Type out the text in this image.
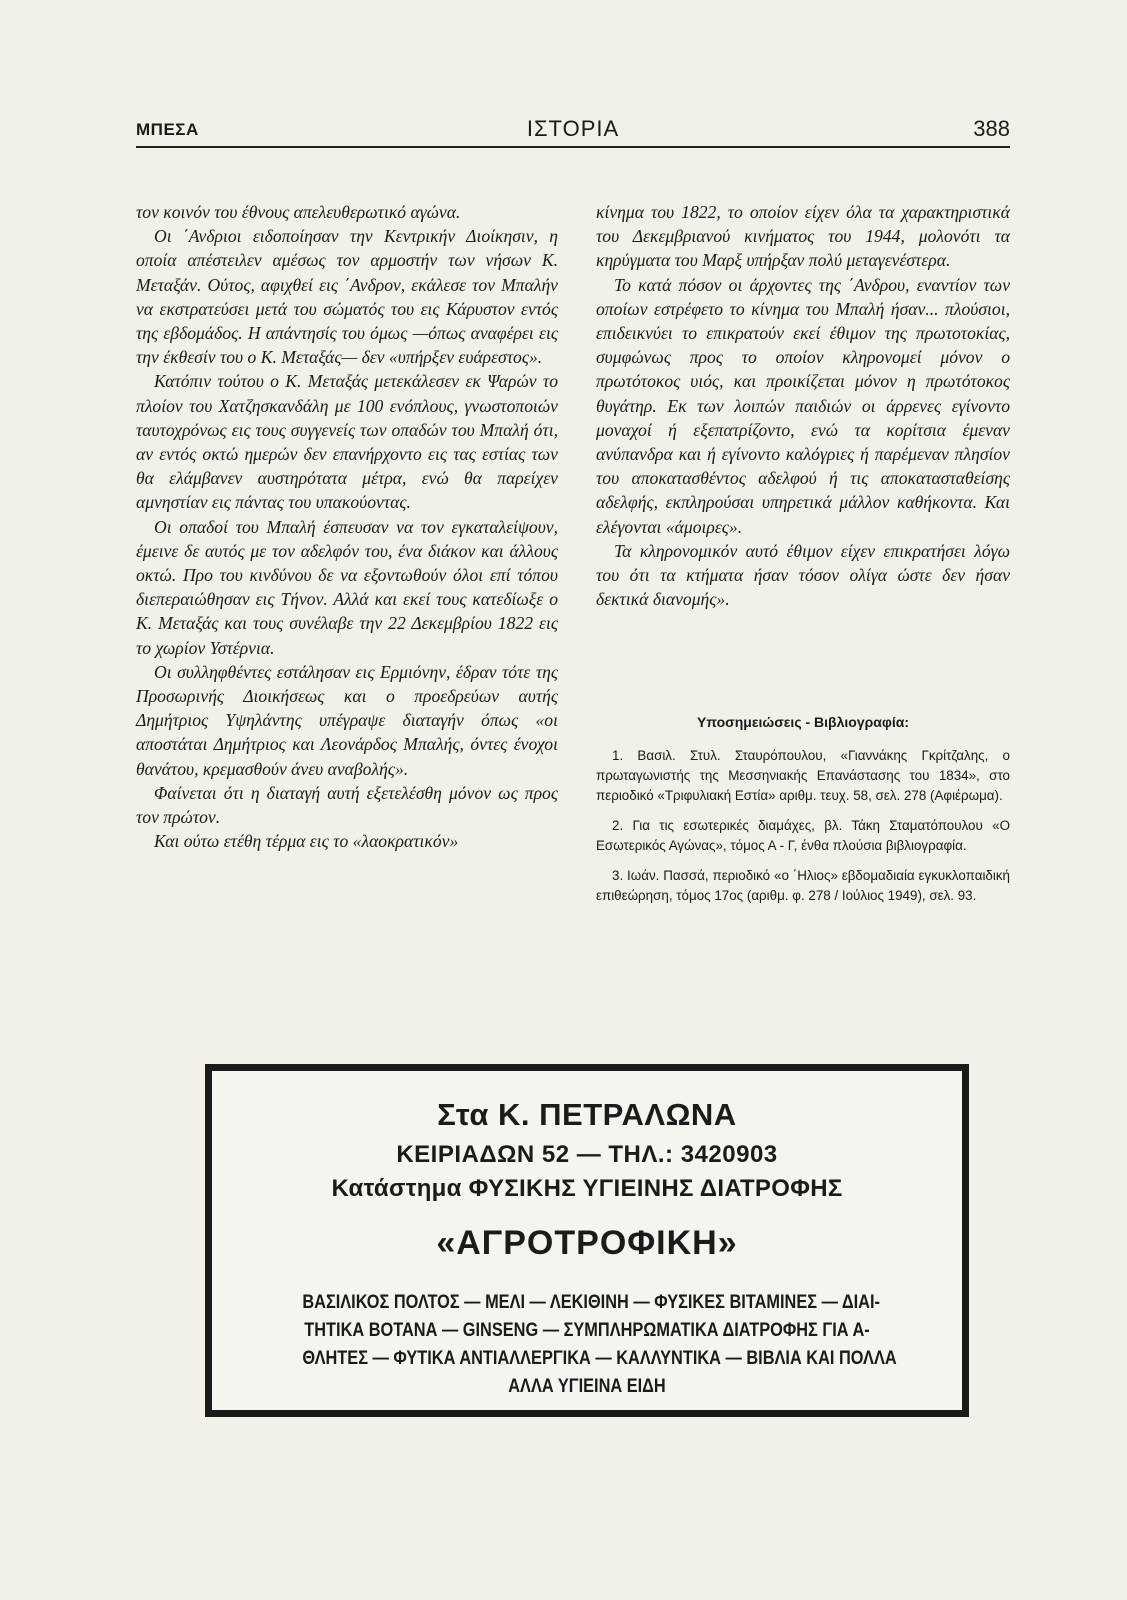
ΜΠΕΣΑ	ΙΣΤΟΡΙΑ	388

τον κοινόν του έθνους απελευθερωτικό αγώνα.

Οι ΄Ανδριοι ειδοποίησαν την Κεντρικήν Διοίκησιν, η οποία απέστειλεν αμέσως τον αρμοστήν των νήσων Κ. Μεταξάν. Ούτος, αφιχθεί εις ΄Ανδρον, εκάλεσε τον Μπαλήν να εκστρατεύσει μετά του σώματός του εις Κάρυστον εντός της εβδομάδος. Η απάντησίς του όμως —όπως αναφέρει εις την έκθεσίν του ο Κ. Μεταξάς— δεν «υπήρξεν ευάρεστος».

Κατόπιν τούτου ο Κ. Μεταξάς μετεκάλεσεν εκ Ψαρών το πλοίον του Χατζησκανδάλη με 100 ενόπλους, γνωστοποιών ταυτοχρόνως εις τους συγγενείς των οπαδών του Μπαλή ότι, αν εντός οκτώ ημερών δεν επανήρχοντο εις τας εστίας των θα ελάμβανεν αυστηρότατα μέτρα, ενώ θα παρείχεν αμνηστίαν εις πάντας του υπακούοντας.

Οι οπαδοί του Μπαλή έσπευσαν να τον εγκαταλείψουν, έμεινε δε αυτός με τον αδελφόν του, ένα διάκον και άλλους οκτώ. Προ του κινδύνου δε να εξοντωθούν όλοι επί τόπου διεπεραιώθησαν εις Τήνον. Αλλά και εκεί τους κατεδίωξε ο Κ. Μεταξάς και τους συνέλαβε την 22 Δεκεμβρίου 1822 εις το χωρίον Υστέρνια.

Οι συλληφθέντες εστάλησαν εις Ερμιόνην, έδραν τότε της Προσωρινής Διοικήσεως και ο προεδρεύων αυτής Δημήτριος Υψηλάντης υπέγραψε διαταγήν όπως «οι αποστάται Δημήτριος και Λεονάρδος Μπαλής, όντες ένοχοι θανάτου, κρεμασθούν άνευ αναβολής».

Φαίνεται ότι η διαταγή αυτή εξετελέσθη μόνον ως προς τον πρώτον.

Και ούτω ετέθη τέρμα εις το «λαοκρατικόν»

κίνημα του 1822, το οποίον είχεν όλα τα χαρακτηριστικά του Δεκεμβριανού κινήματος του 1944, μολονότι τα κηρύγματα του Μαρξ υπήρξαν πολύ μεταγενέστερα.

Το κατά πόσον οι άρχοντες της ΄Ανδρου, εναντίον των οποίων εστρέφετο το κίνημα του Μπαλή ήσαν... πλούσιοι, επιδεικνύει το επικρατούν εκεί έθιμον της πρωτοτοκίας, συμφώνως προς το οποίον κληρονομεί μόνον ο πρωτότοκος υιός, και προικίζεται μόνον η πρωτότοκος θυγάτηρ. Εκ των λοιπών παιδιών οι άρρενες εγίνοντο μοναχοί ή εξεπατρίζοντο, ενώ τα κορίτσια έμεναν ανύπανδρα και ή εγίνοντο καλόγριες ή παρέμεναν πλησίον του αποκατασθέντος αδελφού ή τις αποκατασταθείσης αδελφής, εκπληρούσαι υπηρετικά μάλλον καθήκοντα. Και ελέγονται «άμοιρες».

Τα κληρονομικόν αυτό έθιμον είχεν επικρατήσει λόγω του ότι τα κτήματα ήσαν τόσον ολίγα ώστε δεν ήσαν δεκτικά διανομής».

Υποσημειώσεις - Βιβλιογραφία:

1. Βασιλ. Στυλ. Σταυρόπουλου, «Γιαννάκης Γκρίτζαλης, ο πρωταγωνιστής της Μεσσηνιακής Επανάστασης του 1834», στο περιοδικό «Τριφυλιακή Εστία» αριθμ. τευχ. 58, σελ. 278 (Αφιέρωμα).

2. Για τις εσωτερικές διαμάχες, βλ. Τάκη Σταματόπουλου «Ο Εσωτερικός Αγώνας», τόμος Α - Γ, ένθα πλούσια βιβλιογραφία.

3. Ιωάν. Πασσά, περιοδικό «ο ΄Ηλιος» εβδομαδιαία εγκυκλοπαιδική επιθεώρηση, τόμος 17ος (αριθμ. φ. 278 / Ιούλιος 1949), σελ. 93.

Στα Κ. ΠΕΤΡΑΛΩΝΑ
ΚΕΙΡΙΑΔΩΝ 52 — ΤΗΛ.: 3420903
Κατάστημα ΦΥΣΙΚΗΣ ΥΓΙΕΙΝΗΣ ΔΙΑΤΡΟΦΗΣ
«ΑΓΡΟΤΡΟΦΙΚΗ»
ΒΑΣΙΛΙΚΟΣ ΠΟΛΤΟΣ — ΜΕΛΙ — ΛΕΚΙΘΙΝΗ — ΦΥΣΙΚΕΣ ΒΙΤΑΜΙΝΕΣ — ΔΙΑΙ-
ΤΗΤΙΚΑ ΒΟΤΑΝΑ — GINSENG — ΣΥΜΠΛΗΡΩΜΑΤΙΚΑ ΔΙΑΤΡΟΦΗΣ ΓΙΑ Α-
ΘΛΗΤΕΣ — ΦΥΤΙΚΑ ΑΝΤΙΑΛΛΕΡΓΙΚΑ — ΚΑΛΛΥΝΤΙΚΑ — ΒΙΒΛΙΑ ΚΑΙ ΠΟΛΛΑ
ΑΛΛΑ ΥΓΙΕΙΝΑ ΕΙΔΗ
